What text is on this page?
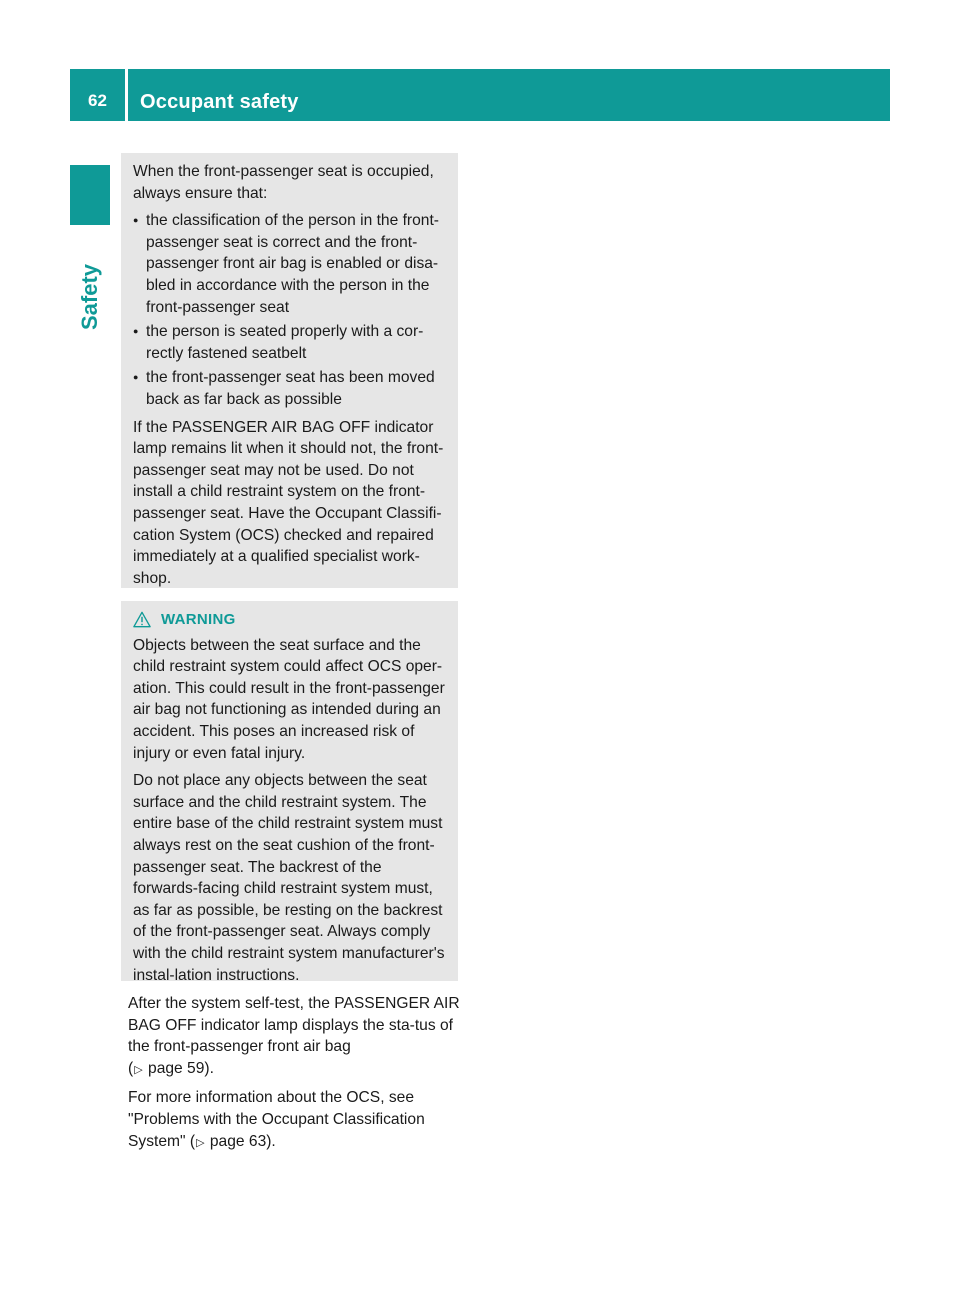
62	Occupant safety
Safety

When the front-passenger seat is occupied, always ensure that:

● the classification of the person in the front-passenger seat is correct and the front-passenger front air bag is enabled or disa-bled in accordance with the person in the front-passenger seat
● the person is seated properly with a cor-rectly fastened seatbelt
● the front-passenger seat has been moved back as far back as possible

If the PASSENGER AIR BAG OFF indicator lamp remains lit when it should not, the front-passenger seat may not be used. Do not install a child restraint system on the front-passenger seat. Have the Occupant Classifi-cation System (OCS) checked and repaired immediately at a qualified specialist work-shop.

WARNING

Objects between the seat surface and the child restraint system could affect OCS oper-ation. This could result in the front-passenger air bag not functioning as intended during an accident. This poses an increased risk of injury or even fatal injury.

Do not place any objects between the seat surface and the child restraint system. The entire base of the child restraint system must always rest on the seat cushion of the front-passenger seat. The backrest of the forwards-facing child restraint system must, as far as possible, be resting on the backrest of the front-passenger seat. Always comply with the child restraint system manufacturer's instal-lation instructions.

After the system self-test, the PASSENGER AIR BAG OFF indicator lamp displays the sta-tus of the front-passenger front air bag
(▷ page 59).

For more information about the OCS, see "Problems with the Occupant Classification System" (▷ page 63).
